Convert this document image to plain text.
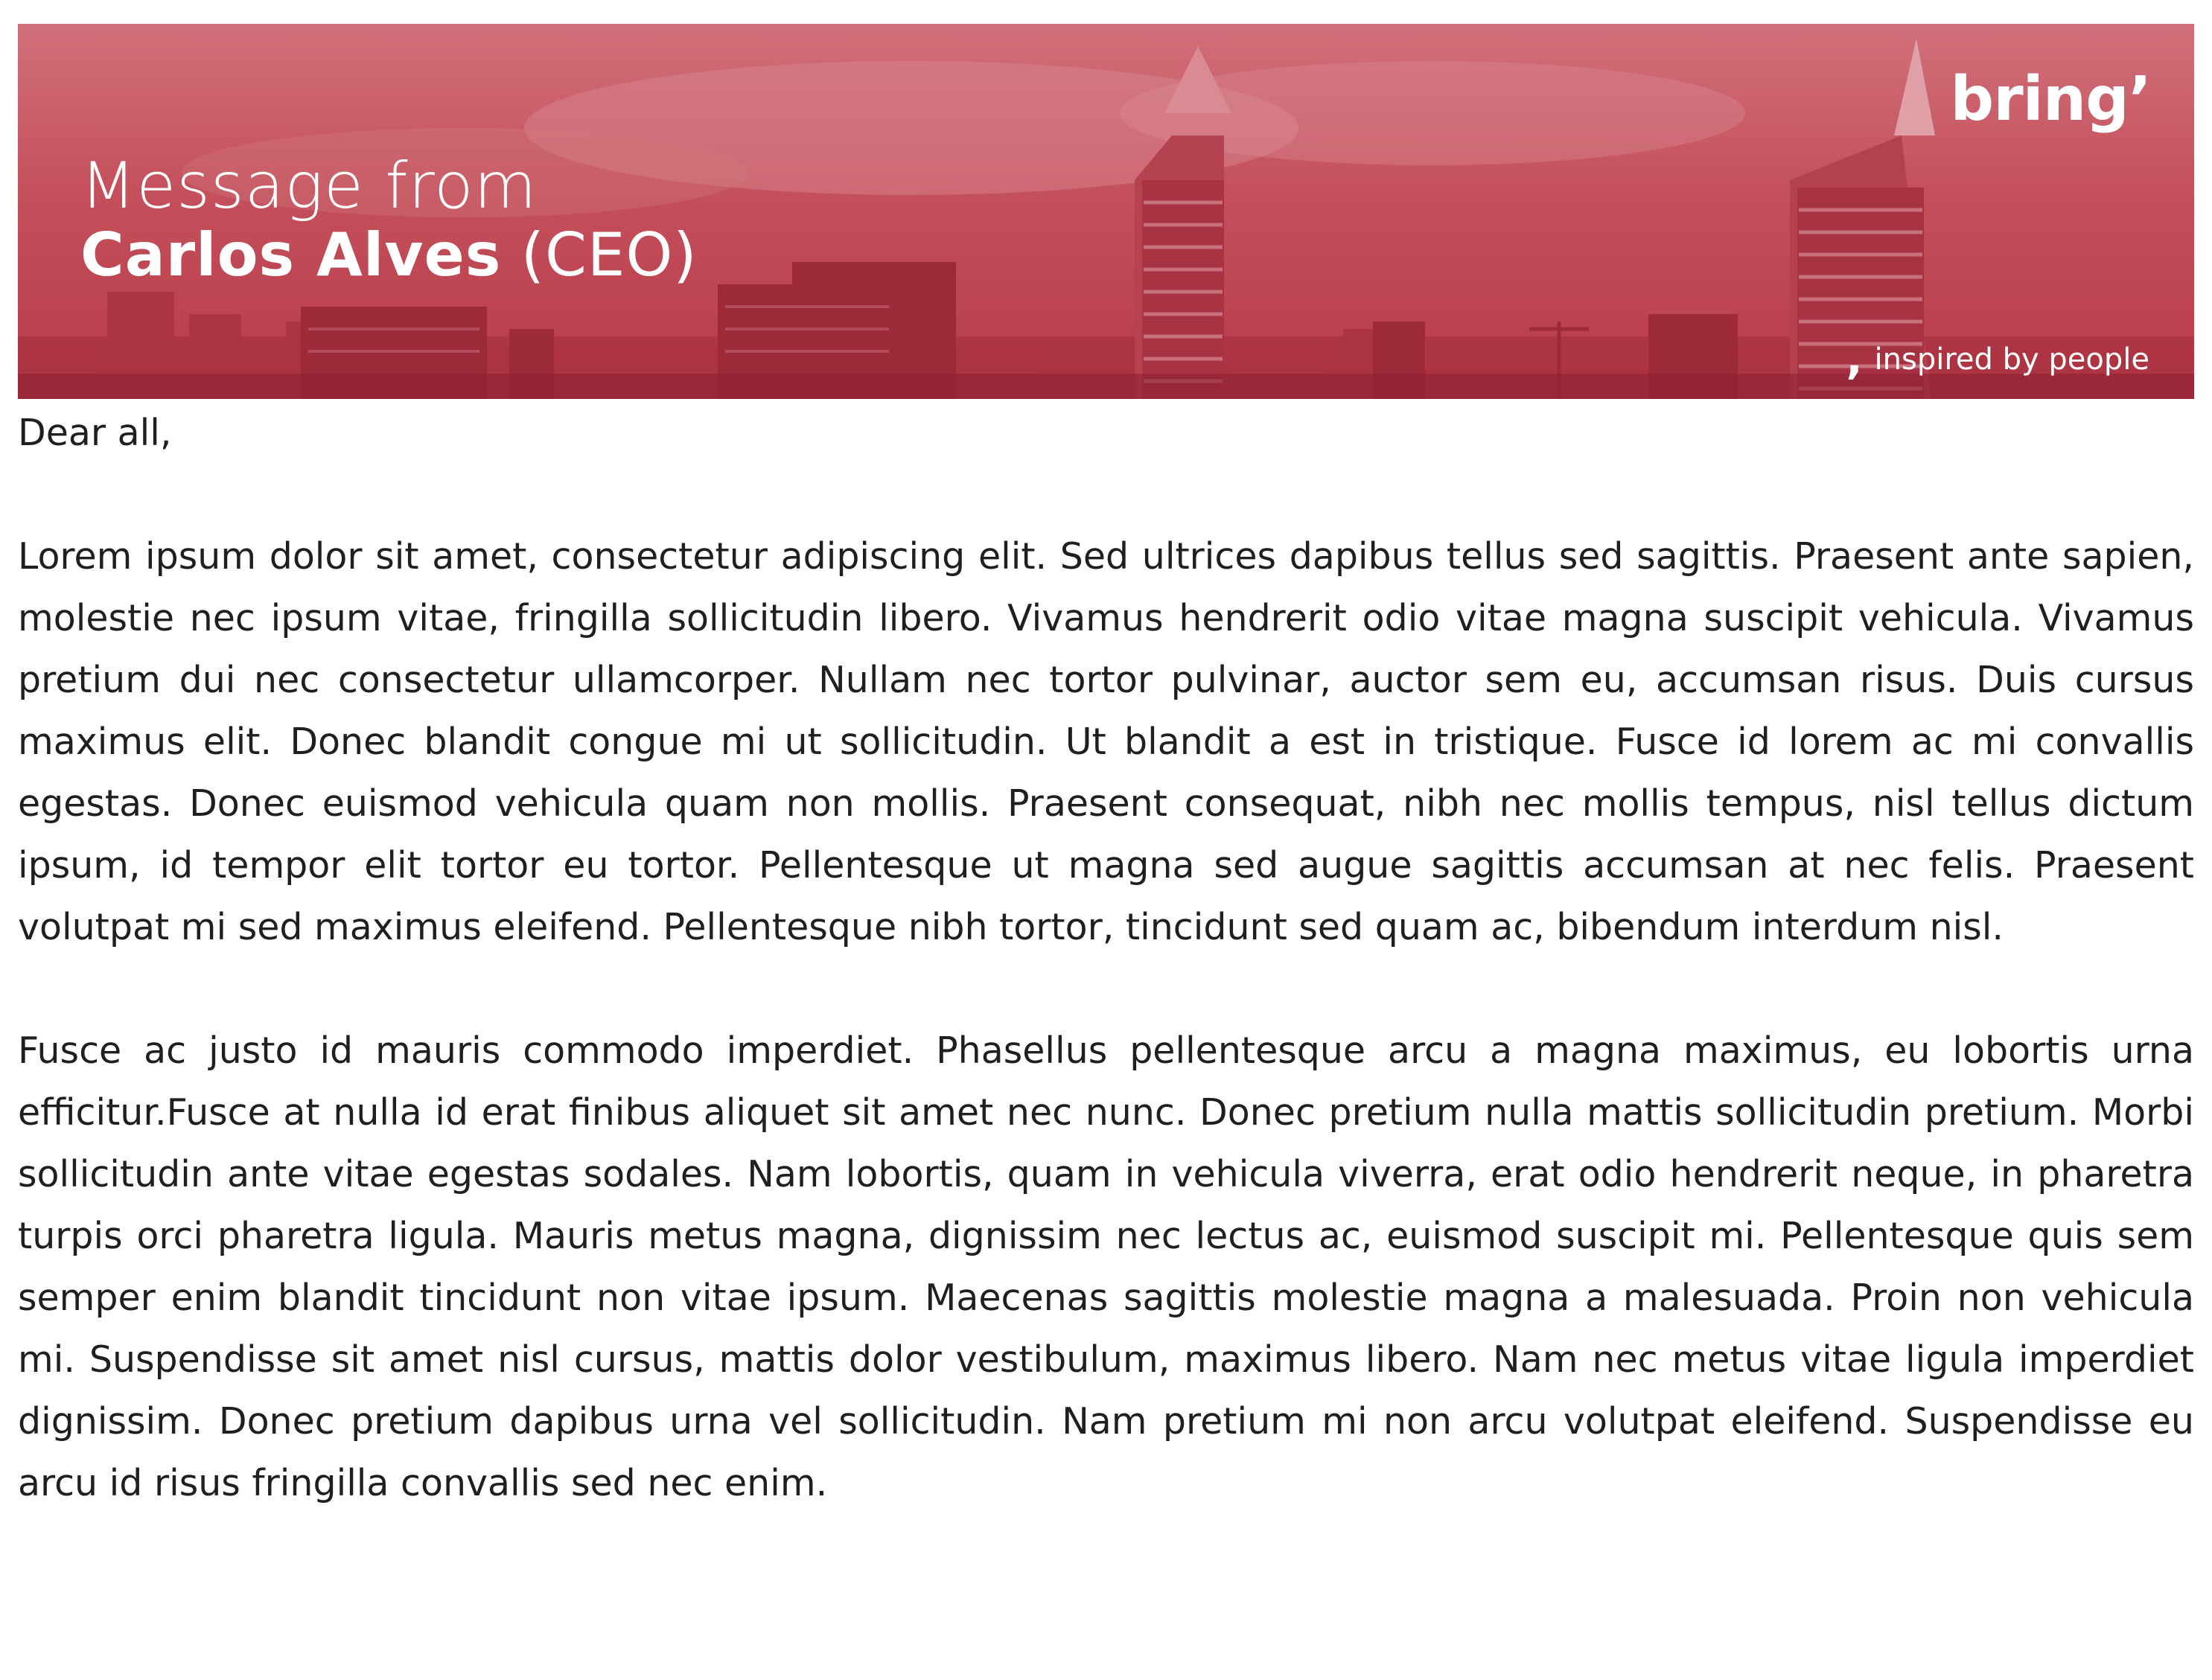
Message from
Carlos Alves (CEO)
bring’
, inspired by people

Dear all,

Lorem ipsum dolor sit amet, consectetur adipiscing elit. Sed ultrices dapibus tellus sed sagittis. Praesent ante sapien, molestie nec ipsum vitae, fringilla sollicitudin libero. Vivamus hendrerit odio vitae magna suscipit vehicula. Vivamus pretium dui nec consectetur ullamcorper. Nullam nec tortor pulvinar, auctor sem eu, accumsan risus. Duis cursus maximus elit. Donec blandit congue mi ut sollicitudin. Ut blandit a est in tristique. Fusce id lorem ac mi convallis egestas. Donec euismod vehicula quam non mollis. Praesent consequat, nibh nec mollis tempus, nisl tellus dictum ipsum, id tempor elit tortor eu tortor. Pellentesque ut magna sed augue sagittis accumsan at nec felis. Praesent volutpat mi sed maximus eleifend. Pellentesque nibh tortor, tincidunt sed quam ac, bibendum interdum nisl.

Fusce ac justo id mauris commodo imperdiet. Phasellus pellentesque arcu a magna maximus, eu lobortis urna efficitur.Fusce at nulla id erat finibus aliquet sit amet nec nunc. Donec pretium nulla mattis sollicitudin pretium. Morbi sollicitudin ante vitae egestas sodales. Nam lobortis, quam in vehicula viverra, erat odio hendrerit neque, in pharetra turpis orci pharetra ligula. Mauris metus magna, dignissim nec lectus ac, euismod suscipit mi. Pellentesque quis sem semper enim blandit tincidunt non vitae ipsum. Maecenas sagittis molestie magna a malesuada. Proin non vehicula mi. Suspendisse sit amet nisl cursus, mattis dolor vestibulum, maximus libero. Nam nec metus vitae ligula imperdiet dignissim. Donec pretium dapibus urna vel sollicitudin. Nam pretium mi non arcu volutpat eleifend. Suspendisse eu arcu id risus fringilla convallis sed nec enim.
